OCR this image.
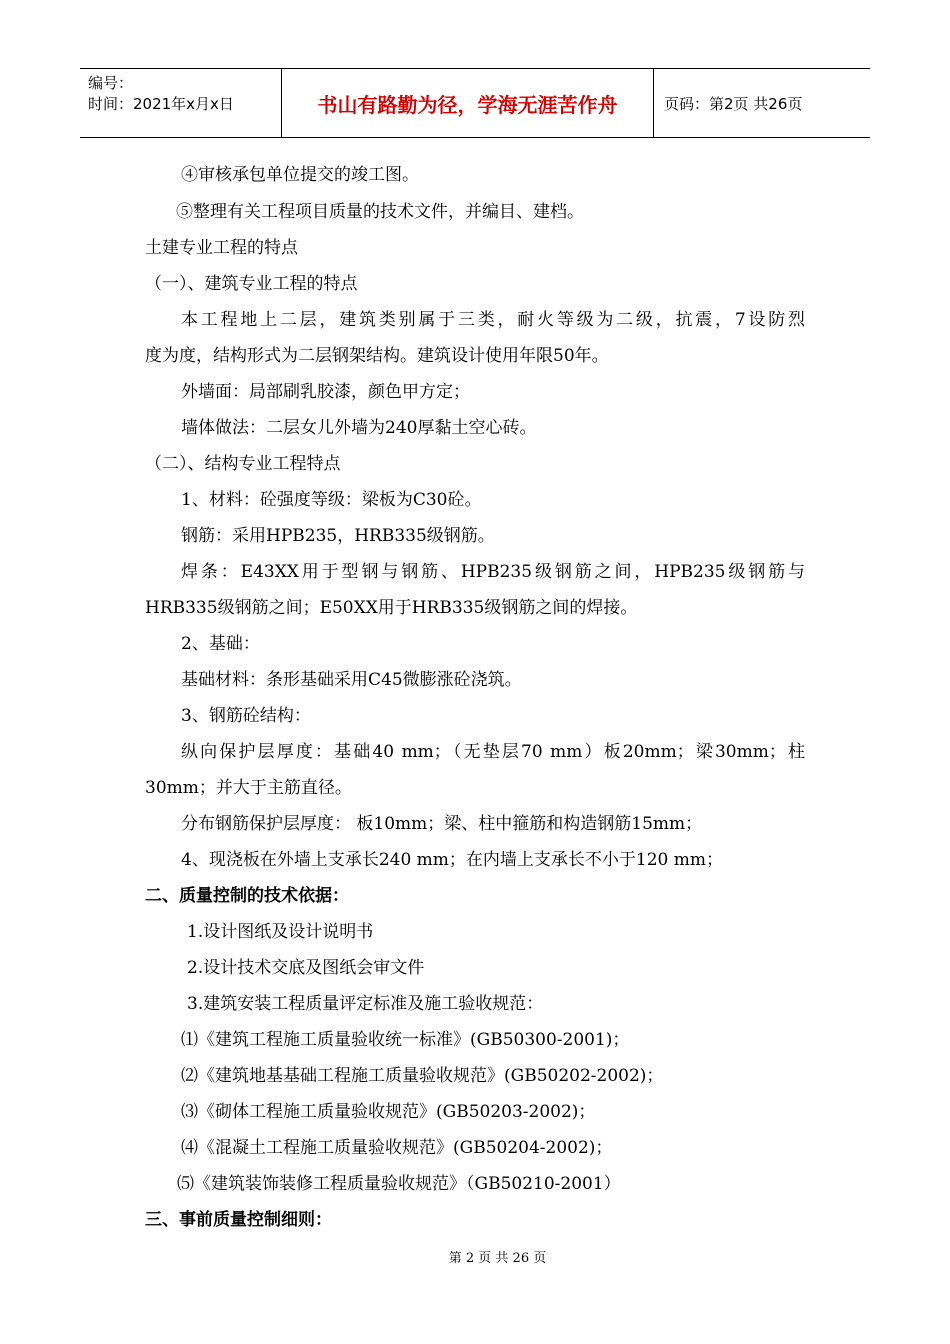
编号：
时间：2021年x月x日	书山有路勤为径，学海无涯苦作舟	页码：第2页 共26页
④审核承包单位提交的竣工图。
⑤整理有关工程项目质量的技术文件，并编目、建档。
土建专业工程的特点
（一）、建筑专业工程的特点
本工程地上二层，建筑类别属于三类，耐火等级为二级，抗震，7设防烈
度为度，结构形式为二层钢架结构。建筑设计使用年限50年。
外墙面：局部刷乳胶漆，颜色甲方定；
墙体做法：二层女儿外墙为240厚黏土空心砖。
（二）、结构专业工程特点
1、材料：砼强度等级：梁板为C30砼。
钢筋：采用HPB235，HRB335级钢筋。
焊条：E43XX用于型钢与钢筋、HPB235级钢筋之间，HPB235级钢筋与
HRB335级钢筋之间；E50XX用于HRB335级钢筋之间的焊接。
2、基础：
基础材料：条形基础采用C45微膨涨砼浇筑。
3、钢筋砼结构：
纵向保护层厚度：基础40 mm；（无垫层70 mm）板20mm；梁30mm；柱
30mm；并大于主筋直径。
分布钢筋保护层厚度： 板10mm；梁、柱中箍筋和构造钢筋15mm；
4、现浇板在外墙上支承长240 mm；在内墙上支承长不小于120 mm；
二、质量控制的技术依据：
1.设计图纸及设计说明书
2.设计技术交底及图纸会审文件
3.建筑安装工程质量评定标准及施工验收规范：
⑴《建筑工程施工质量验收统一标准》(GB50300-2001)；
⑵《建筑地基基础工程施工质量验收规范》(GB50202-2002)；
⑶《砌体工程施工质量验收规范》(GB50203-2002)；
⑷《混凝土工程施工质量验收规范》(GB50204-2002)；
⑸《建筑装饰装修工程质量验收规范》（GB50210-2001）
三、事前质量控制细则：
第 2 页 共 26 页
